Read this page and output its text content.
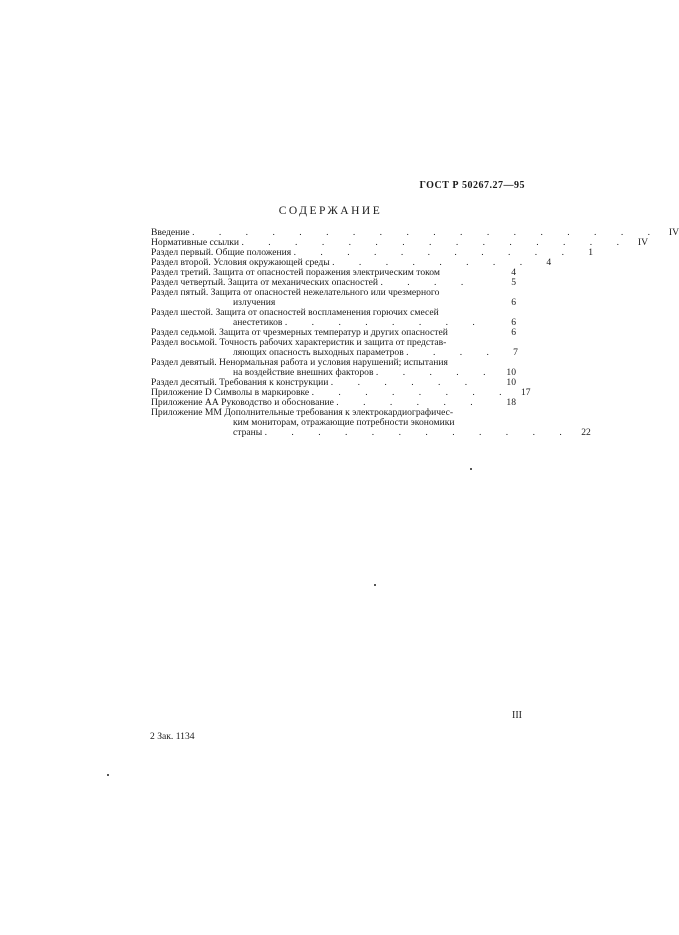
ГОСТ Р 50267.27—95
СОДЕРЖАНИЕ
Введение . . . . . . . . . . . . . . . . . . IV
Нормативные ссылки . . . . . . . . . . . . . . . IV
Раздел первый. Общие положения . . . . . . . . . . .	1
Раздел второй. Условия окружающей среды . . . . . . . .	4
Раздел третий. Защита от опасностей поражения электрическим током	4
Раздел четвертый. Защита от механических опасностей . . . .	5
Раздел пятый. Защита от опасностей нежелательного или чрезмерного
излучения	6
Раздел шестой. Защита от опасностей воспламенения горючих смесей
анестетиков . . . . . . . .	6
Раздел седьмой. Защита от чрезмерных температур и других опасностей	6
Раздел восьмой. Точность рабочих характеристик и защита от представ-
ляющих опасность выходных параметров . . . .	7
Раздел девятый. Ненормальная работа и условия нарушений; испытания
на воздействие внешних факторов . . . . .	10
Раздел десятый. Требования к конструкции . . . . . .	10
Приложение D Символы в маркировке . . . . . . . . 17
Приложение АА Руководство и обоснование . . . . . .	18
Приложение ММ Дополнительные требования к электрокардиографичес-
ким мониторам, отражающие потребности экономики
страны . . . . . . . . . . . . 22
III
2 Зак. 1134
